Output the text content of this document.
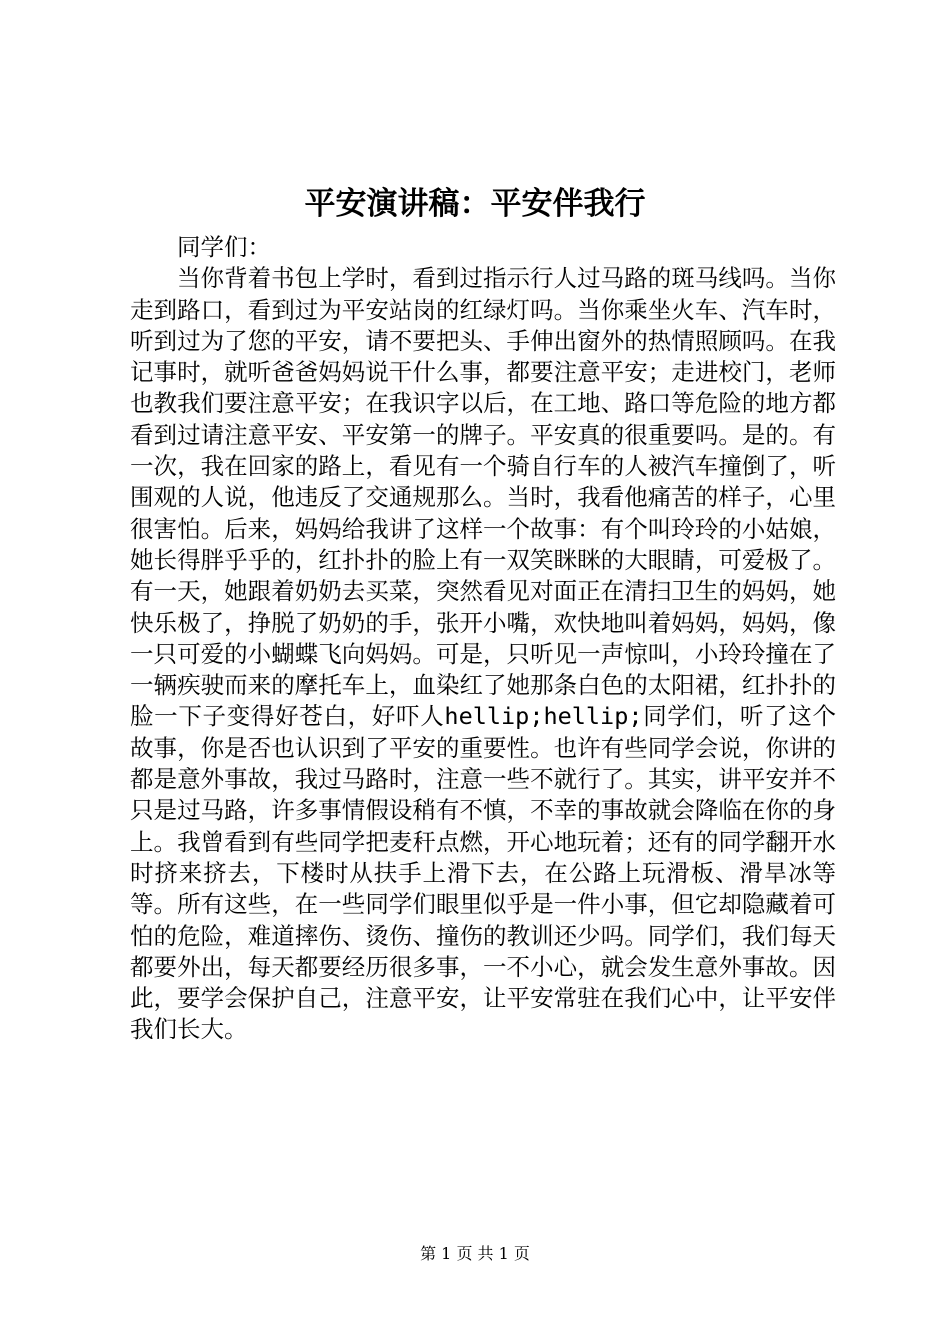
平安演讲稿：平安伴我行

同学们：

当你背着书包上学时，看到过指示行人过马路的斑马线吗。当你走到路口，看到过为平安站岗的红绿灯吗。当你乘坐火车、汽车时，听到过为了您的平安，请不要把头、手伸出窗外的热情照顾吗。在我记事时，就听爸爸妈妈说干什么事，都要注意平安；走进校门，老师也教我们要注意平安；在我识字以后，在工地、路口等危险的地方都看到过请注意平安、平安第一的牌子。平安真的很重要吗。是的。有一次，我在回家的路上，看见有一个骑自行车的人被汽车撞倒了，听围观的人说，他违反了交通规那么。当时，我看他痛苦的样子，心里很害怕。后来，妈妈给我讲了这样一个故事：有个叫玲玲的小姑娘，她长得胖乎乎的，红扑扑的脸上有一双笑眯眯的大眼睛，可爱极了。有一天，她跟着奶奶去买菜，突然看见对面正在清扫卫生的妈妈，她快乐极了，挣脱了奶奶的手，张开小嘴，欢快地叫着妈妈，妈妈，像一只可爱的小蝴蝶飞向妈妈。可是，只听见一声惊叫，小玲玲撞在了一辆疾驶而来的摩托车上，血染红了她那条白色的太阳裙，红扑扑的脸一下子变得好苍白，好吓人hellip;hellip;同学们，听了这个故事，你是否也认识到了平安的重要性。也许有些同学会说，你讲的都是意外事故，我过马路时，注意一些不就行了。其实，讲平安并不只是过马路，许多事情假设稍有不慎，不幸的事故就会降临在你的身上。我曾看到有些同学把麦秆点燃，开心地玩着；还有的同学翻开水时挤来挤去，下楼时从扶手上滑下去，在公路上玩滑板、滑旱冰等等。所有这些，在一些同学们眼里似乎是一件小事，但它却隐藏着可怕的危险，难道摔伤、烫伤、撞伤的教训还少吗。同学们，我们每天都要外出，每天都要经历很多事，一不小心，就会发生意外事故。因此，要学会保护自己，注意平安，让平安常驻在我们心中，让平安伴我们长大。

第 1 页 共 1 页
